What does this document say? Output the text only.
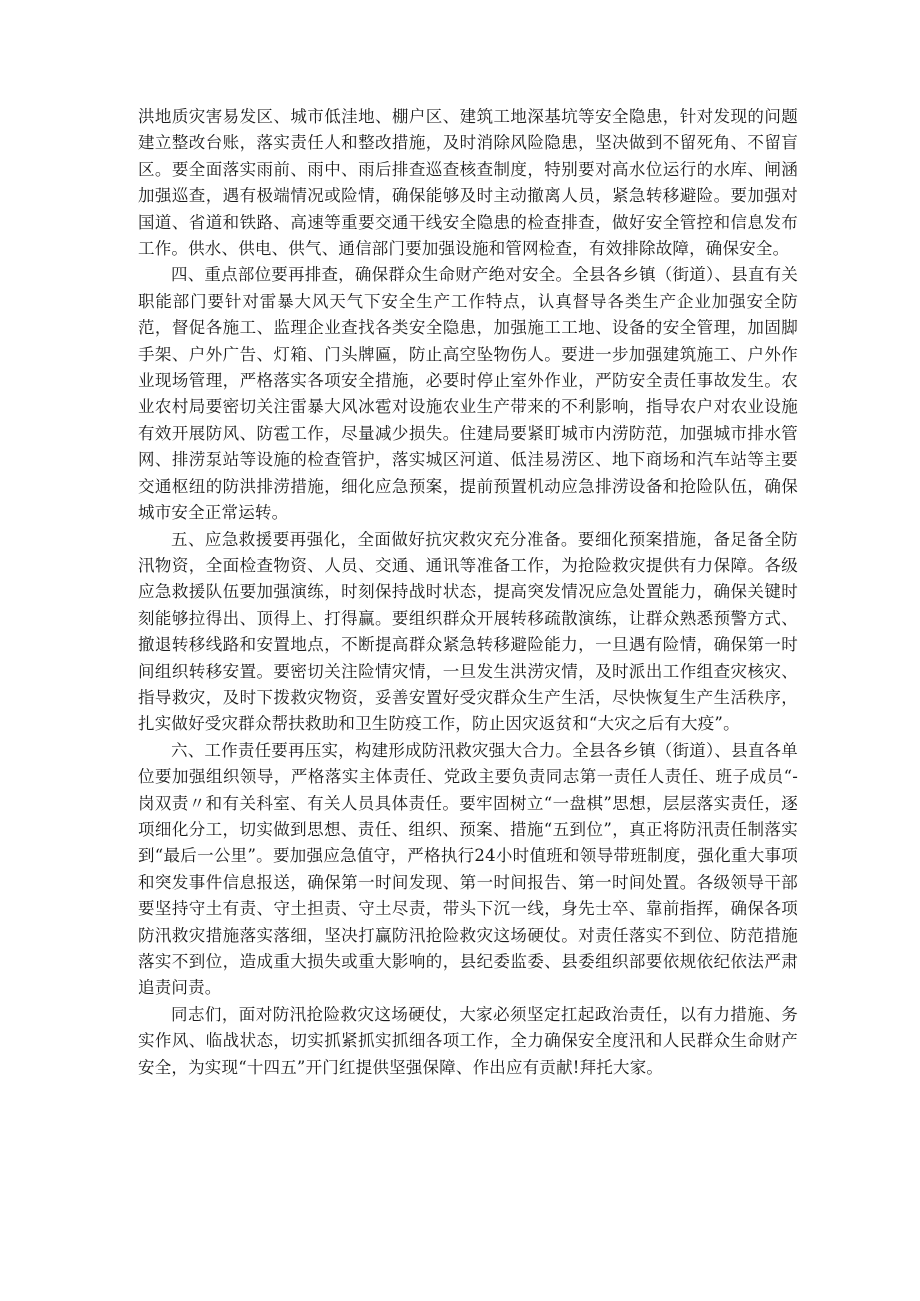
洪地质灾害易发区、城市低洼地、棚户区、建筑工地深基坑等安全隐患，针对发现的问题建立整改台账，落实责任人和整改措施，及时消除风险隐患，坚决做到不留死角、不留盲区。要全面落实雨前、雨中、雨后排查巡查核查制度，特别要对高水位运行的水库、闸涵加强巡查，遇有极端情况或险情，确保能够及时主动撤离人员，紧急转移避险。要加强对国道、省道和铁路、高速等重要交通干线安全隐患的检查排查，做好安全管控和信息发布工作。供水、供电、供气、通信部门要加强设施和管网检查，有效排除故障，确保安全。

四、重点部位要再排查，确保群众生命财产绝对安全。全县各乡镇（街道）、县直有关职能部门要针对雷暴大风天气下安全生产工作特点，认真督导各类生产企业加强安全防范，督促各施工、监理企业查找各类安全隐患，加强施工工地、设备的安全管理，加固脚手架、户外广告、灯箱、门头牌匾，防止高空坠物伤人。要进一步加强建筑施工、户外作业现场管理，严格落实各项安全措施，必要时停止室外作业，严防安全责任事故发生。农业农村局要密切关注雷暴大风冰雹对设施农业生产带来的不利影响，指导农户对农业设施有效开展防风、防雹工作，尽量减少损失。住建局要紧盯城市内涝防范，加强城市排水管网、排涝泵站等设施的检查管护，落实城区河道、低洼易涝区、地下商场和汽车站等主要交通枢纽的防洪排涝措施，细化应急预案，提前预置机动应急排涝设备和抢险队伍，确保城市安全正常运转。

五、应急救援要再强化，全面做好抗灾救灾充分准备。要细化预案措施，备足备全防汛物资，全面检查物资、人员、交通、通讯等准备工作，为抢险救灾提供有力保障。各级应急救援队伍要加强演练，时刻保持战时状态，提高突发情况应急处置能力，确保关键时刻能够拉得出、顶得上、打得赢。要组织群众开展转移疏散演练，让群众熟悉预警方式、撤退转移线路和安置地点，不断提高群众紧急转移避险能力，一旦遇有险情，确保第一时间组织转移安置。要密切关注险情灾情，一旦发生洪涝灾情，及时派出工作组查灾核灾、指导救灾，及时下拨救灾物资，妥善安置好受灾群众生产生活，尽快恢复生产生活秩序，扎实做好受灾群众帮扶救助和卫生防疫工作，防止因灾返贫和“大灾之后有大疫”。

六、工作责任要再压实，构建形成防汛救灾强大合力。全县各乡镇（街道）、县直各单位要加强组织领导，严格落实主体责任、党政主要负责同志第一责任人责任、班子成员“-岗双责〃和有关科室、有关人员具体责任。要牢固树立“一盘棋”思想，层层落实责任，逐项细化分工，切实做到思想、责任、组织、预案、措施“五到位”，真正将防汛责任制落实到“最后一公里”。要加强应急值守，严格执行24小时值班和领导带班制度，强化重大事项和突发事件信息报送，确保第一时间发现、第一时间报告、第一时间处置。各级领导干部要坚持守土有责、守土担责、守土尽责，带头下沉一线，身先士卒、靠前指挥，确保各项防汛救灾措施落实落细，坚决打赢防汛抢险救灾这场硬仗。对责任落实不到位、防范措施落实不到位，造成重大损失或重大影响的，县纪委监委、县委组织部要依规依纪依法严肃追责问责。

同志们，面对防汛抢险救灾这场硬仗，大家必须坚定扛起政治责任，以有力措施、务实作风、临战状态，切实抓紧抓实抓细各项工作，全力确保安全度汛和人民群众生命财产安全，为实现“十四五”开门红提供坚强保障、作出应有贡献!拜托大家。
